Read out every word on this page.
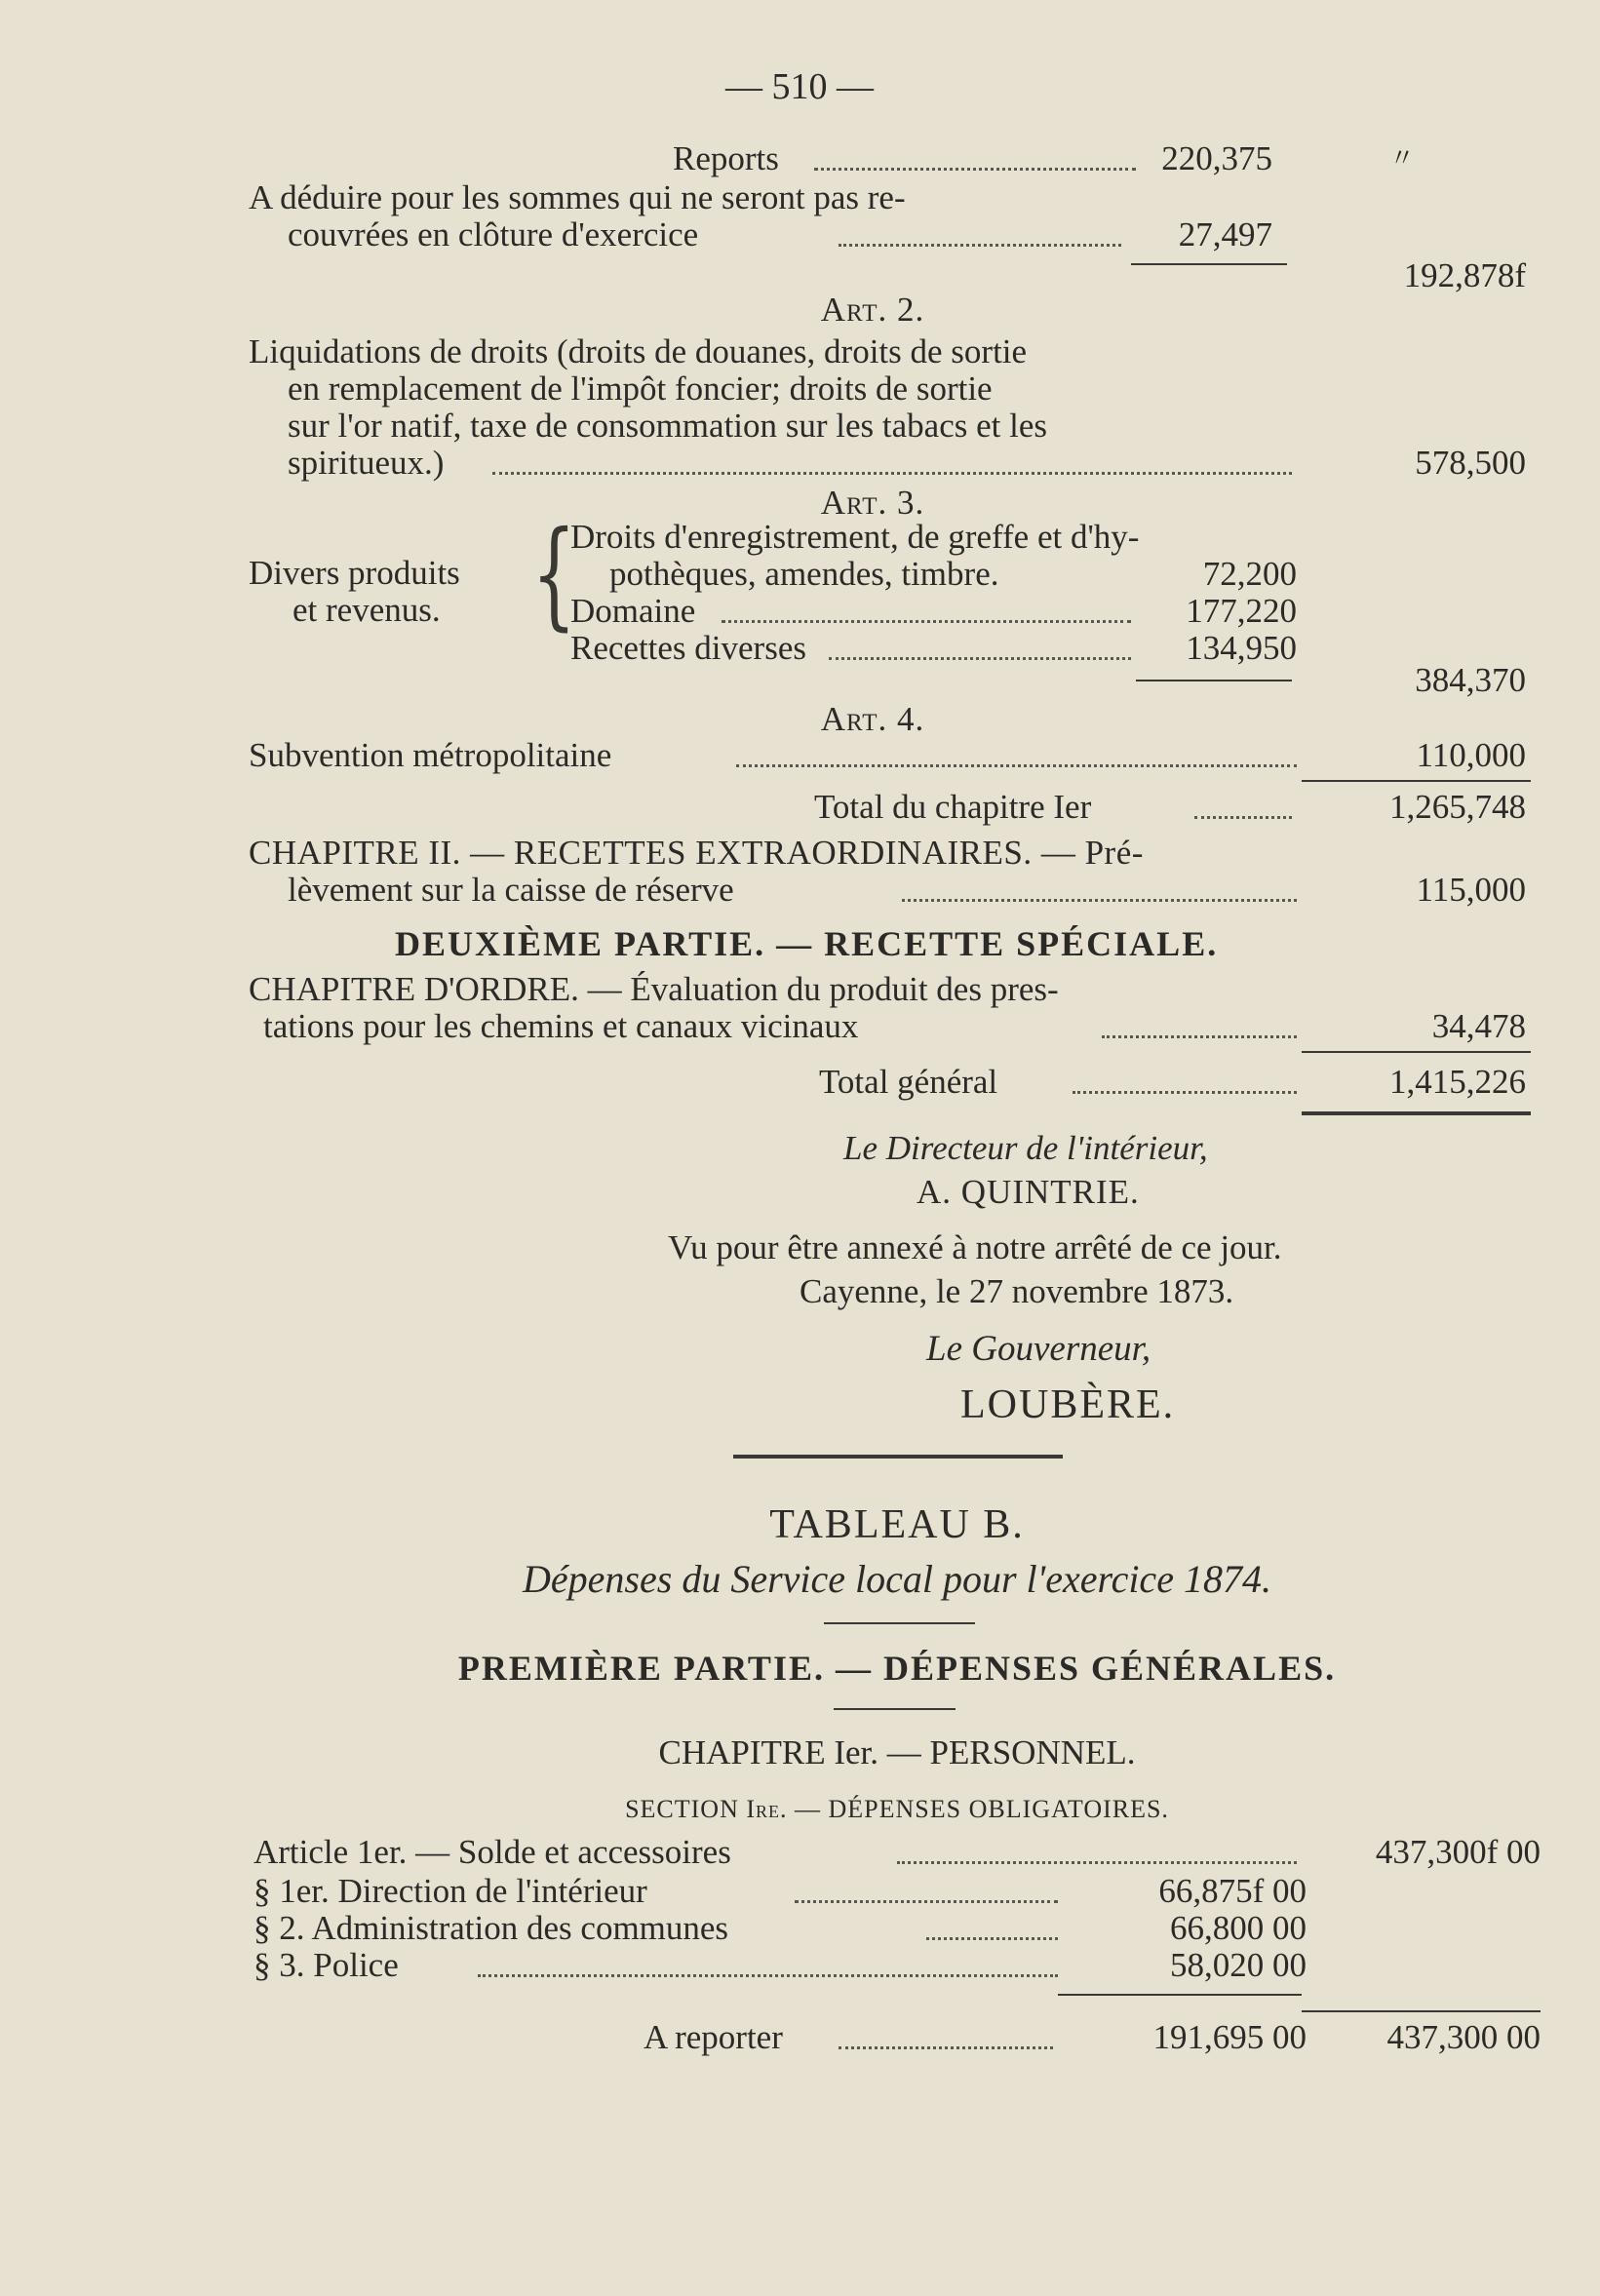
— 510 —
Reports	220,375	〃
A déduire pour les sommes qui ne seront pas re-
couvrées en clôture d'exercice	27,497
192,878f
Art. 2.
Liquidations de droits (droits de douanes, droits de sortie
en remplacement de l'impôt foncier; droits de sortie
sur l'or natif, taxe de consommation sur les tabacs et les
spiritueux.)	578,500
Art. 3.
Divers produits
et revenus. {
Droits d'enregistrement, de greffe et d'hy-
pothèques, amendes, timbre.	72,200
Domaine	177,220
Recettes diverses	134,950
384,370
Art. 4.
Subvention métropolitaine	110,000
Total du chapitre Ier	1,265,748
CHAPITRE II. — RECETTES EXTRAORDINAIRES. — Pré-
lèvement sur la caisse de réserve	115,000
DEUXIÈME PARTIE. — RECETTE SPÉCIALE.
CHAPITRE D'ORDRE. — Évaluation du produit des pres-
tations pour les chemins et canaux vicinaux	34,478
Total général	1,415,226
Le Directeur de l'intérieur,
A. QUINTRIE.
Vu pour être annexé à notre arrêté de ce jour.
Cayenne, le 27 novembre 1873.
Le Gouverneur,
LOUBÈRE.
TABLEAU B.
Dépenses du Service local pour l'exercice 1874.
PREMIÈRE PARTIE. — DÉPENSES GÉNÉRALES.
CHAPITRE Ier. — PERSONNEL.
SECTION Ire. — DÉPENSES OBLIGATOIRES.
Article 1er. — Solde et accessoires	437,300f 00
§ 1er. Direction de l'intérieur	66,875f 00
§ 2. Administration des communes	66,800 00
§ 3. Police	58,020 00
A reporter	191,695 00	437,300 00
